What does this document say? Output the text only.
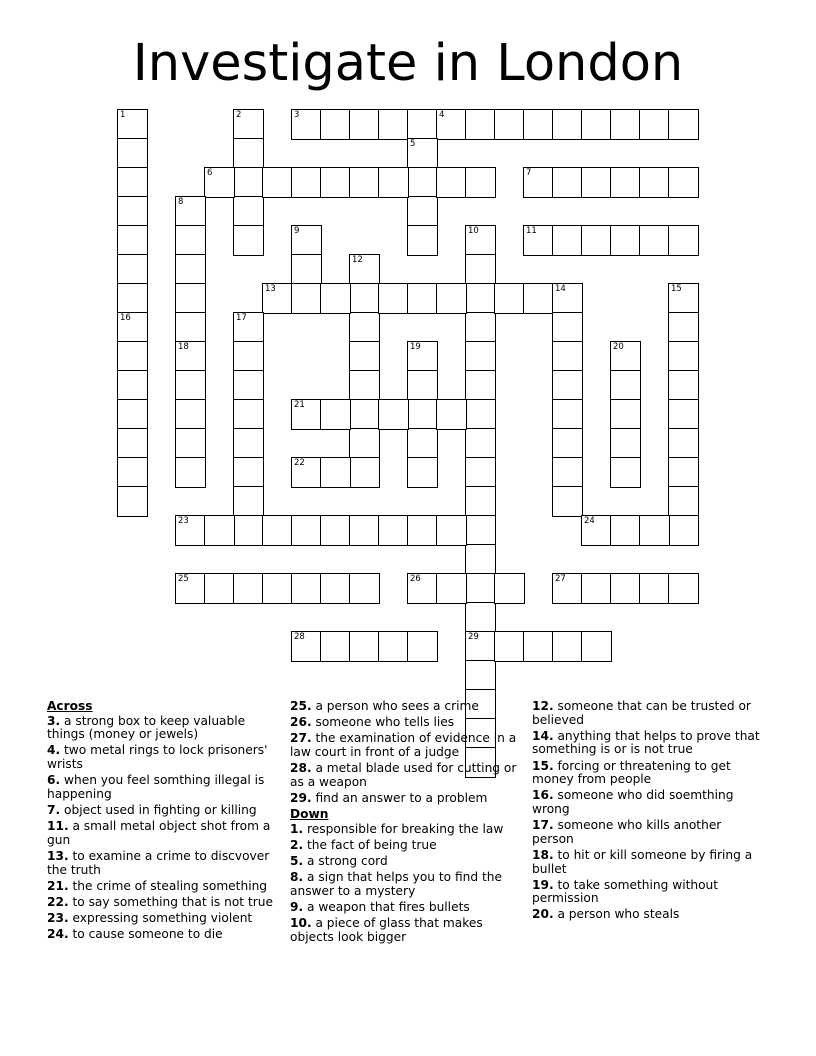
Investigate in London
1	2	3	4
5
6	7
8
9	10	11
12
13	14	15
16	17
18	19	20
21
22
23	24
25	26	27
28	29
Across
3. a strong box to keep valuable things (money or jewels)
4. two metal rings to lock prisoners' wrists
6. when you feel somthing illegal is happening
7. object used in fighting or killing
11. a small metal object shot from a gun
13. to examine a crime to discvover the truth
21. the crime of stealing something
22. to say something that is not true
23. expressing something violent
24. to cause someone to die
25. a person who sees a crime
26. someone who tells lies
27. the examination of evidence in a law court in front of a judge
28. a metal blade used for cutting or as a weapon
29. find an answer to a problem
Down
1. responsible for breaking the law
2. the fact of being true
5. a strong cord
8. a sign that helps you to find the answer to a mystery
9. a weapon that fires bullets
10. a piece of glass that makes objects look bigger
12. someone that can be trusted or believed
14. anything that helps to prove that something is or is not true
15. forcing or threatening to get money from people
16. someone who did soemthing wrong
17. someone who kills another person
18. to hit or kill someone by firing a bullet
19. to take something without permission
20. a person who steals
